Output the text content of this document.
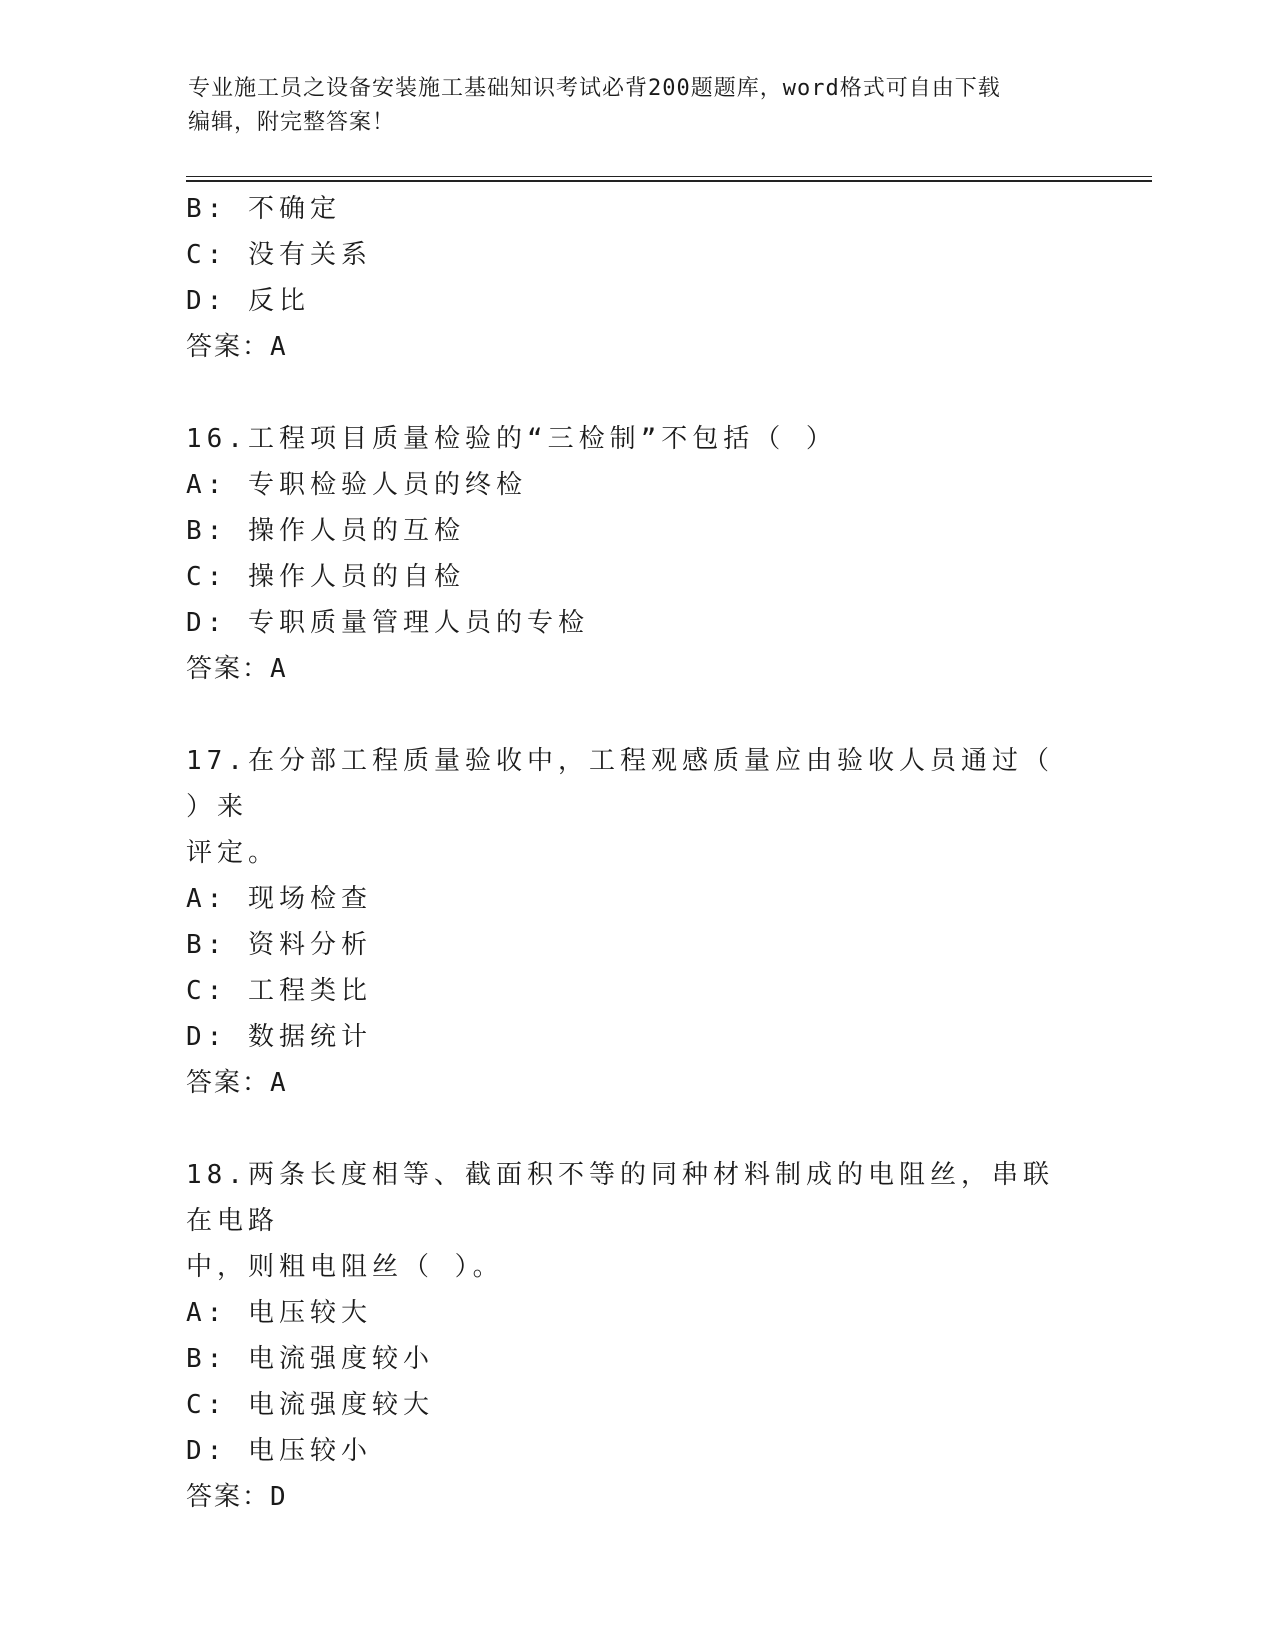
专业施工员之设备安装施工基础知识考试必背200题题库，word格式可自由下载
编辑，附完整答案！
B: 不确定
C: 没有关系
D: 反比
答案：A
16.工程项目质量检验的“三检制”不包括（ ）
A: 专职检验人员的终检
B: 操作人员的互检
C: 操作人员的自检
D: 专职质量管理人员的专检
答案：A
17.在分部工程质量验收中，工程观感质量应由验收人员通过（ ）来
评定。
A: 现场检查
B: 资料分析
C: 工程类比
D: 数据统计
答案：A
18.两条长度相等、截面积不等的同种材料制成的电阻丝，串联在电路
中，则粗电阻丝（ ）。
A: 电压较大
B: 电流强度较小
C: 电流强度较大
D: 电压较小
答案：D
